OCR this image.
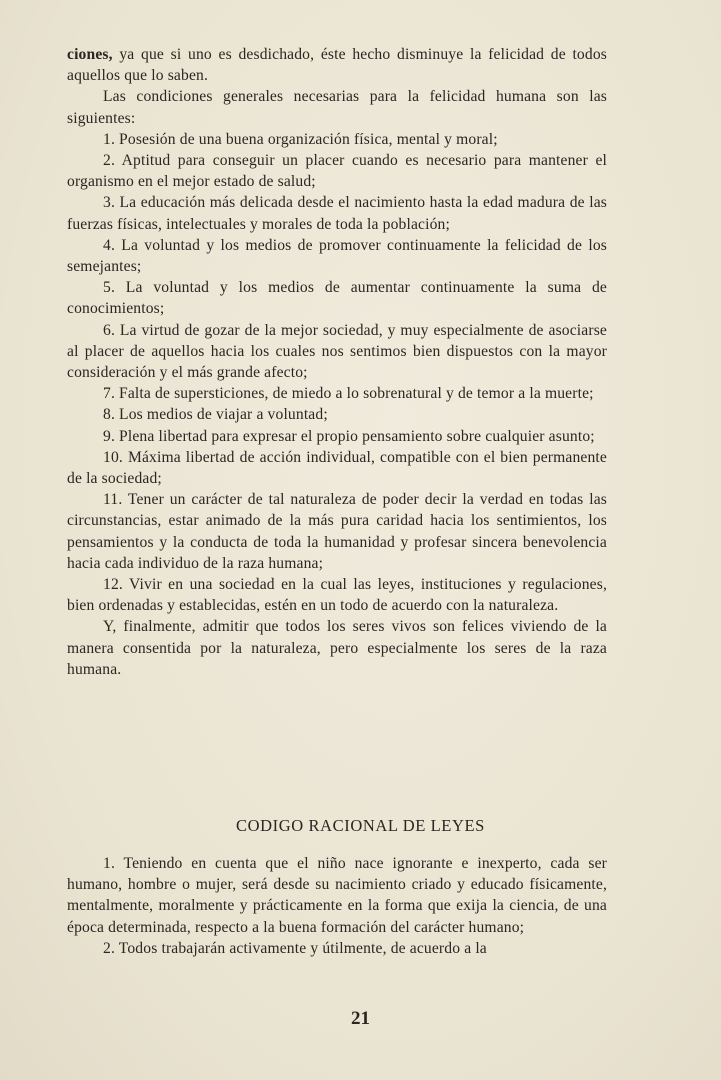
ciones, ya que si uno es desdichado, éste hecho disminuye la felicidad de todos aquellos que lo saben.

Las condiciones generales necesarias para la felicidad humana son las siguientes:

1. Posesión de una buena organización física, mental y moral;

2. Aptitud para conseguir un placer cuando es necesario para mantener el organismo en el mejor estado de salud;

3. La educación más delicada desde el nacimiento hasta la edad madura de las fuerzas físicas, intelectuales y morales de toda la población;

4. La voluntad y los medios de promover continuamente la felicidad de los semejantes;

5. La voluntad y los medios de aumentar continuamente la suma de conocimientos;

6. La virtud de gozar de la mejor sociedad, y muy especialmente de asociarse al placer de aquellos hacia los cuales nos sentimos bien dispuestos con la mayor consideración y el más grande afecto;

7. Falta de supersticiones, de miedo a lo sobrenatural y de temor a la muerte;

8. Los medios de viajar a voluntad;

9. Plena libertad para expresar el propio pensamiento sobre cualquier asunto;

10. Máxima libertad de acción individual, compatible con el bien permanente de la sociedad;

11. Tener un carácter de tal naturaleza de poder decir la verdad en todas las circunstancias, estar animado de la más pura caridad hacia los sentimientos, los pensamientos y la conducta de toda la humanidad y profesar sincera benevolencia hacia cada individuo de la raza humana;

12. Vivir en una sociedad en la cual las leyes, instituciones y regulaciones, bien ordenadas y establecidas, estén en un todo de acuerdo con la naturaleza.

Y, finalmente, admitir que todos los seres vivos son felices viviendo de la manera consentida por la naturaleza, pero especialmente los seres de la raza humana.

CODIGO RACIONAL DE LEYES

1. Teniendo en cuenta que el niño nace ignorante e inexperto, cada ser humano, hombre o mujer, será desde su nacimiento criado y educado físicamente, mentalmente, moralmente y prácticamente en la forma que exija la ciencia, de una época determinada, respecto a la buena formación del carácter humano;

2. Todos trabajarán activamente y útilmente, de acuerdo a la

21
